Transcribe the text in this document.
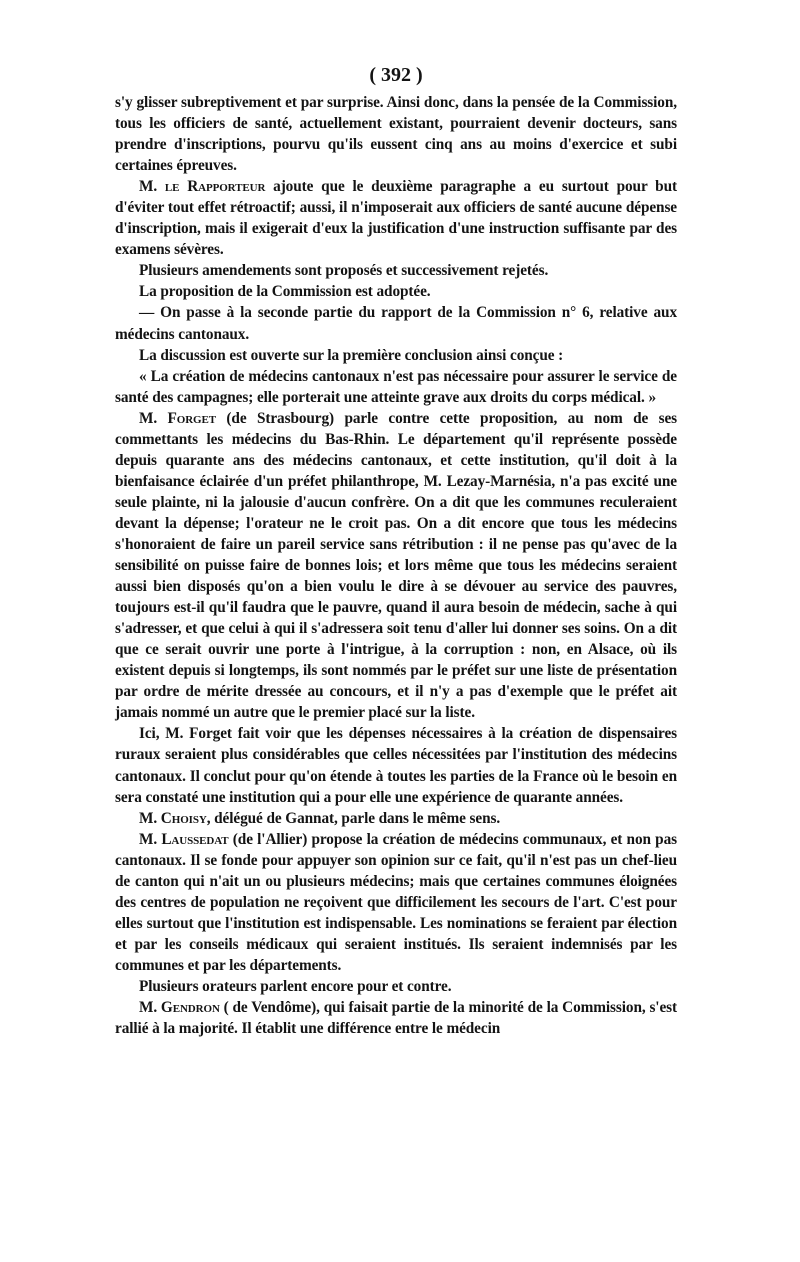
( 392 )

s'y glisser subreptivement et par surprise. Ainsi donc, dans la pensée de la Commission, tous les officiers de santé, actuellement existant, pourraient devenir docteurs, sans prendre d'inscriptions, pourvu qu'ils eussent cinq ans au moins d'exercice et subi certaines épreuves.

M. le Rapporteur ajoute que le deuxième paragraphe a eu surtout pour but d'éviter tout effet rétroactif; aussi, il n'imposerait aux officiers de santé aucune dépense d'inscription, mais il exigerait d'eux la justification d'une instruction suffisante par des examens sévères.

Plusieurs amendements sont proposés et successivement rejetés.

La proposition de la Commission est adoptée.

— On passe à la seconde partie du rapport de la Commission n° 6, relative aux médecins cantonaux.

La discussion est ouverte sur la première conclusion ainsi conçue :

« La création de médecins cantonaux n'est pas nécessaire pour assurer le service de santé des campagnes; elle porterait une atteinte grave aux droits du corps médical. »

M. Forget (de Strasbourg) parle contre cette proposition, au nom de ses commettants les médecins du Bas-Rhin. Le département qu'il représente possède depuis quarante ans des médecins cantonaux, et cette institution, qu'il doit à la bienfaisance éclairée d'un préfet philanthrope, M. Lezay-Marnésia, n'a pas excité une seule plainte, ni la jalousie d'aucun confrère. On a dit que les communes reculeraient devant la dépense; l'orateur ne le croit pas. On a dit encore que tous les médecins s'honoraient de faire un pareil service sans rétribution : il ne pense pas qu'avec de la sensibilité on puisse faire de bonnes lois; et lors même que tous les médecins seraient aussi bien disposés qu'on a bien voulu le dire à se dévouer au service des pauvres, toujours est-il qu'il faudra que le pauvre, quand il aura besoin de médecin, sache à qui s'adresser, et que celui à qui il s'adressera soit tenu d'aller lui donner ses soins. On a dit que ce serait ouvrir une porte à l'intrigue, à la corruption : non, en Alsace, où ils existent depuis si longtemps, ils sont nommés par le préfet sur une liste de présentation par ordre de mérite dressée au concours, et il n'y a pas d'exemple que le préfet ait jamais nommé un autre que le premier placé sur la liste.

Ici, M. Forget fait voir que les dépenses nécessaires à la création de dispensaires ruraux seraient plus considérables que celles nécessitées par l'institution des médecins cantonaux. Il conclut pour qu'on étende à toutes les parties de la France où le besoin en sera constaté une institution qui a pour elle une expérience de quarante années.

M. Choisy, délégué de Gannat, parle dans le même sens.

M. Laussedat (de l'Allier) propose la création de médecins communaux, et non pas cantonaux. Il se fonde pour appuyer son opinion sur ce fait, qu'il n'est pas un chef-lieu de canton qui n'ait un ou plusieurs médecins; mais que certaines communes éloignées des centres de population ne reçoivent que difficilement les secours de l'art. C'est pour elles surtout que l'institution est indispensable. Les nominations se feraient par élection et par les conseils médicaux qui seraient institués. Ils seraient indemnisés par les communes et par les départements.

Plusieurs orateurs parlent encore pour et contre.

M. Gendron ( de Vendôme), qui faisait partie de la minorité de la Commission, s'est rallié à la majorité. Il établit une différence entre le médecin
